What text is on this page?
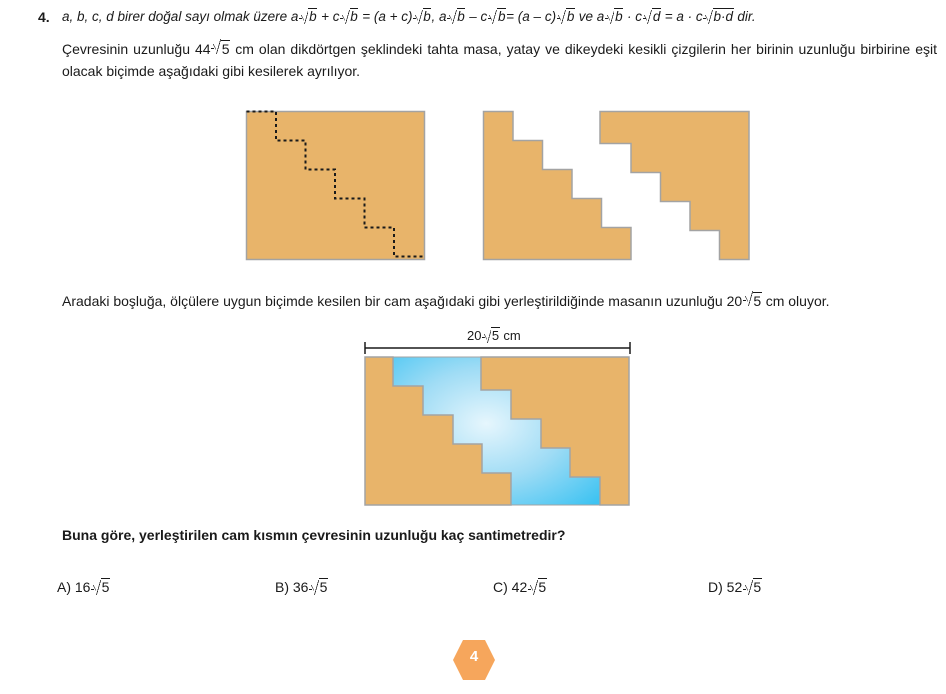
4. a, b, c, d birer doğal sayı olmak üzere a b + c b = (a + c) b, a b – c b= (a – c) b ve a b · c d = a · c b·d dir.
Çevresinin uzunluğu 44 5 cm olan dikdörtgen şeklindeki tahta masa, yatay ve dikeydeki kesikli çizgilerin her birinin uzunluğu birbirine eşit olacak biçimde aşağıdaki gibi kesilerek ayrılıyor.
Aradaki boşluğa, ölçülere uygun biçimde kesilen bir cam aşağıdaki gibi yerleştirildiğinde masanın uzunluğu 20 5 cm oluyor.
20 5 cm
Buna göre, yerleştirilen cam kısmın çevresinin uzunluğu kaç santimetredir?
A) 16 5	B) 36 5	C) 42 5	D) 52 5
4
